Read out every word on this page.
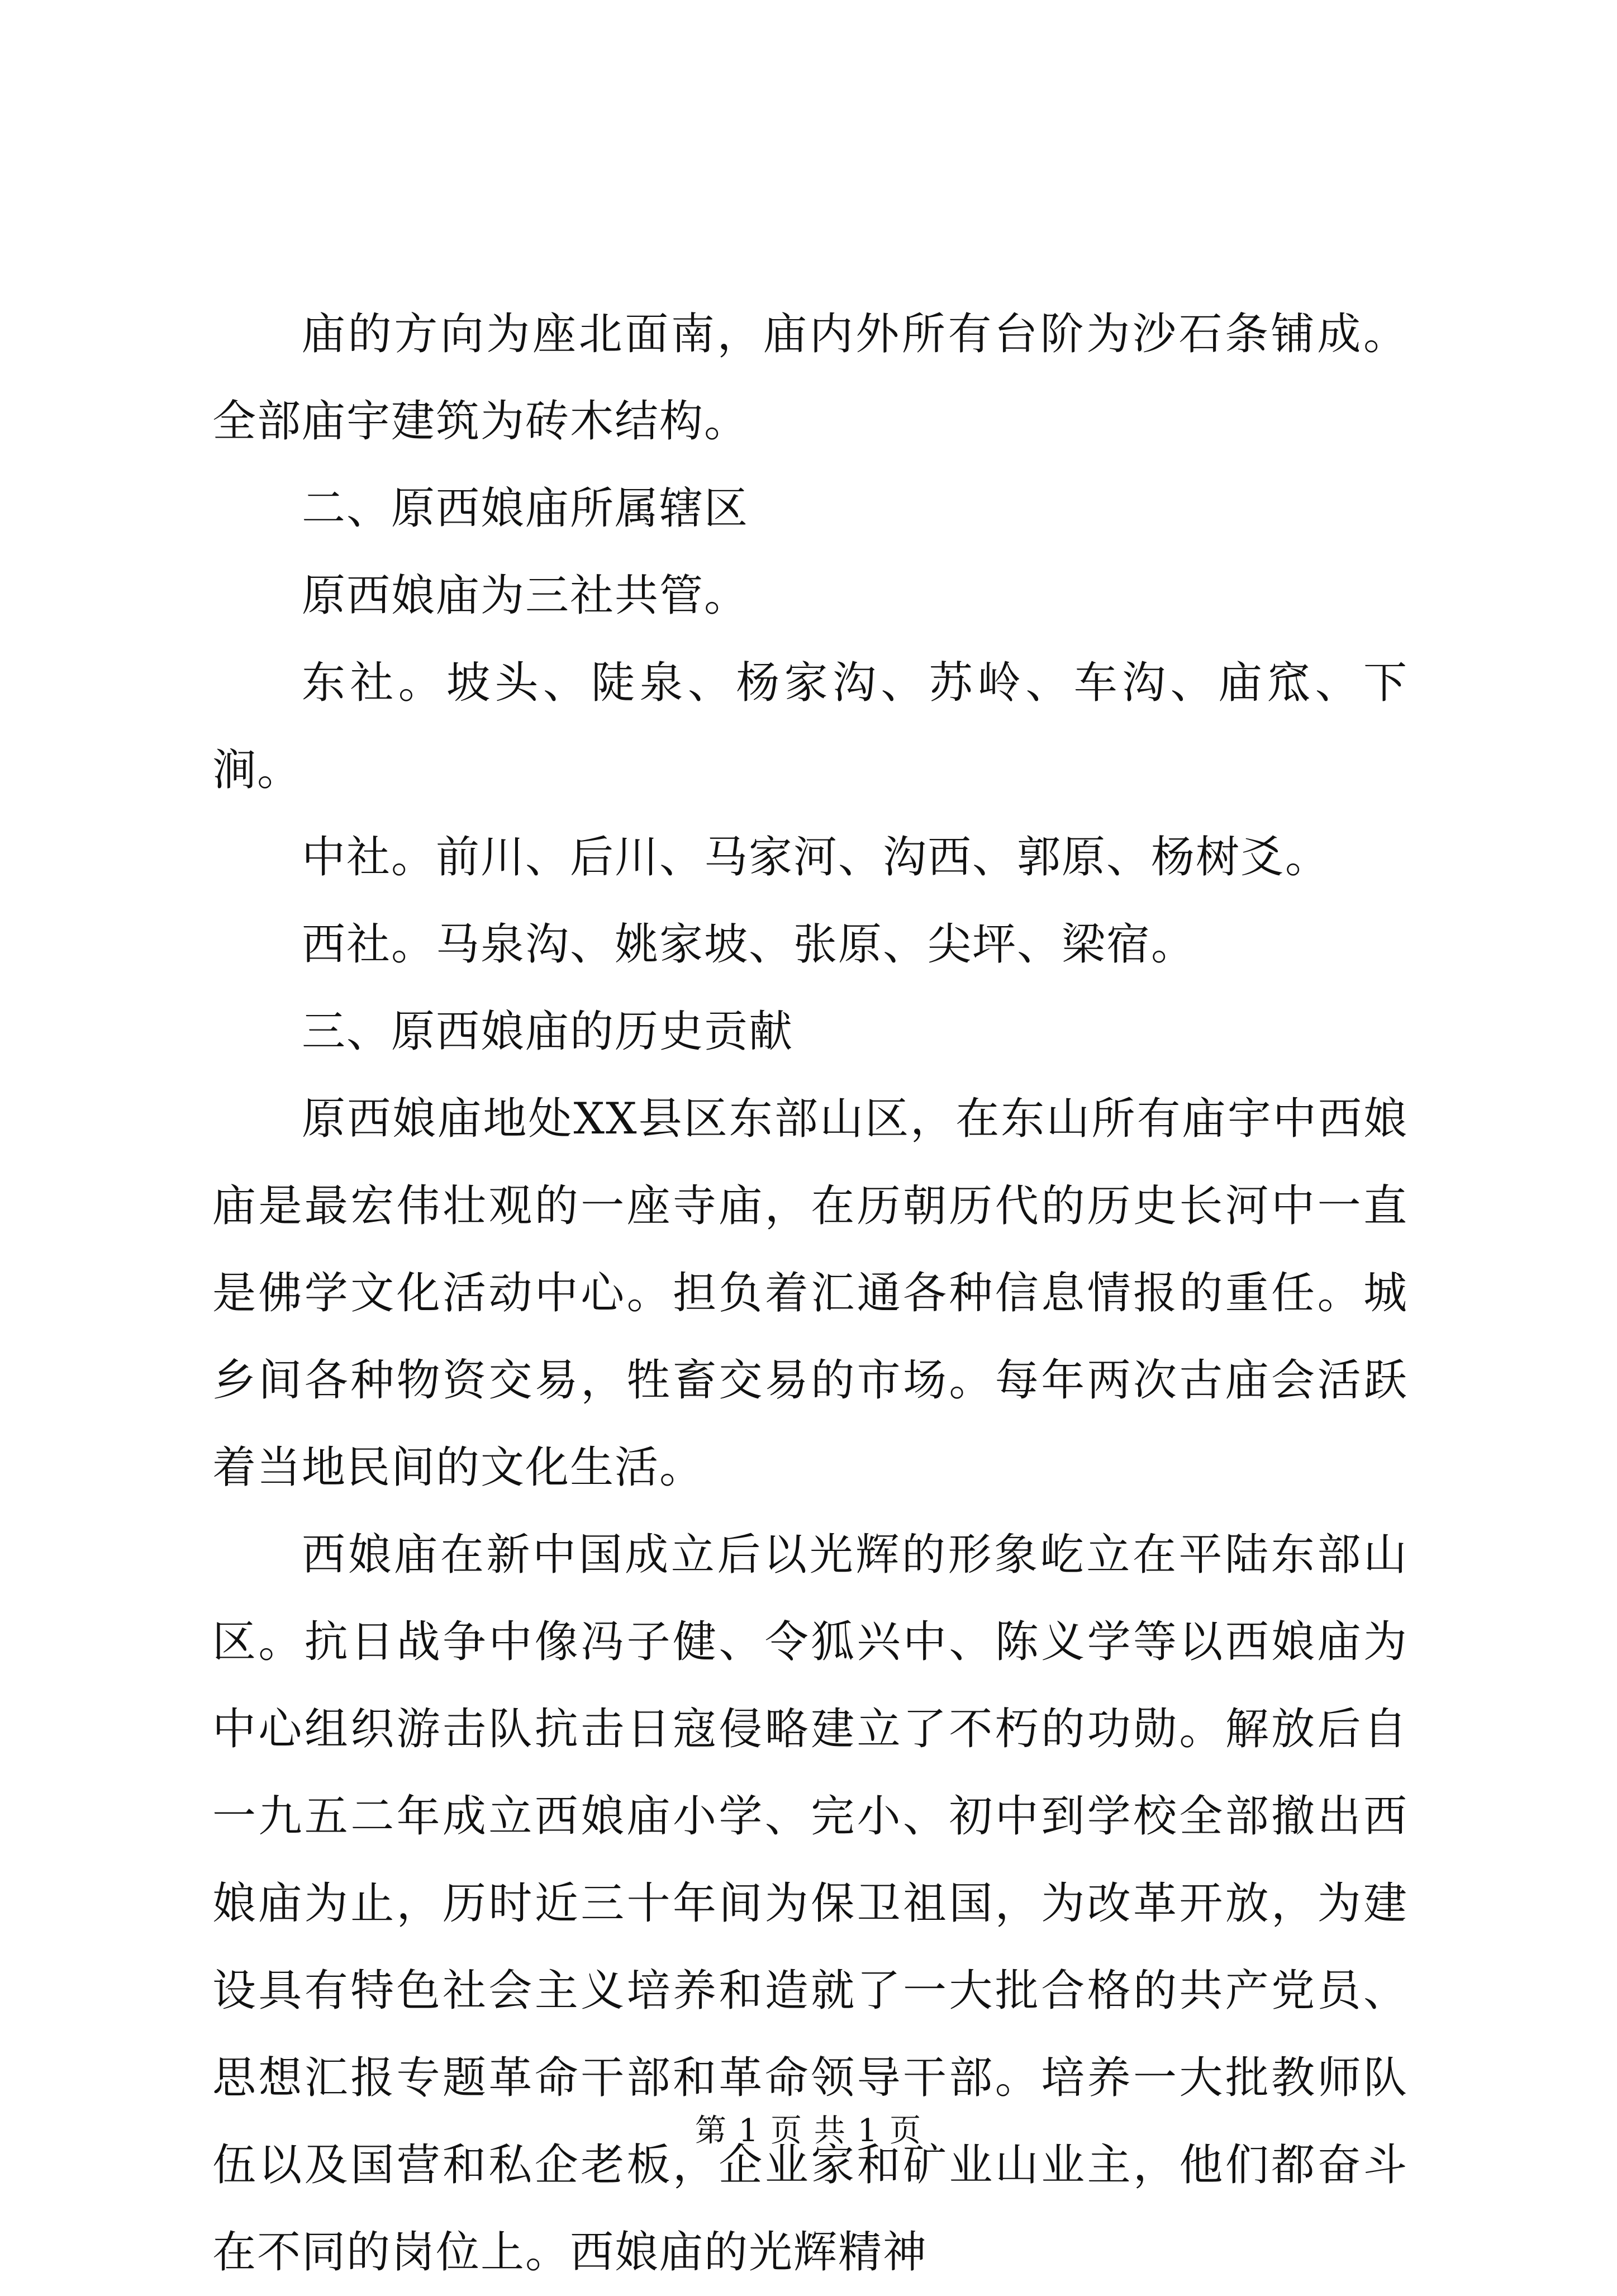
庙的方向为座北面南，庙内外所有台阶为沙石条铺成。全部庙宇建筑为砖木结构。

二、原西娘庙所属辖区

原西娘庙为三社共管。

东社。坡头、陡泉、杨家沟、苏岭、车沟、庙窊、下涧。

中社。前川、后川、马家河、沟西、郭原、杨树爻。

西社。马泉沟、姚家坡、张原、尖坪、梁宿。

三、原西娘庙的历史贡献

原西娘庙地处XX县区东部山区，在东山所有庙宇中西娘庙是最宏伟壮观的一座寺庙，在历朝历代的历史长河中一直是佛学文化活动中心。担负着汇通各种信息情报的重任。城乡间各种物资交易，牲畜交易的市场。每年两次古庙会活跃着当地民间的文化生活。

西娘庙在新中国成立后以光辉的形象屹立在平陆东部山区。抗日战争中像冯子健、令狐兴中、陈义学等以西娘庙为中心组织游击队抗击日寇侵略建立了不朽的功勋。解放后自一九五二年成立西娘庙小学、完小、初中到学校全部撤出西娘庙为止，历时近三十年间为保卫祖国，为改革开放，为建设具有特色社会主义培养和造就了一大批合格的共产党员、思想汇报专题革命干部和革命领导干部。培养一大批教师队伍以及国营和私企老板，企业家和矿业山业主，他们都奋斗在不同的岗位上。西娘庙的光辉精神

第 1 页 共 1 页
